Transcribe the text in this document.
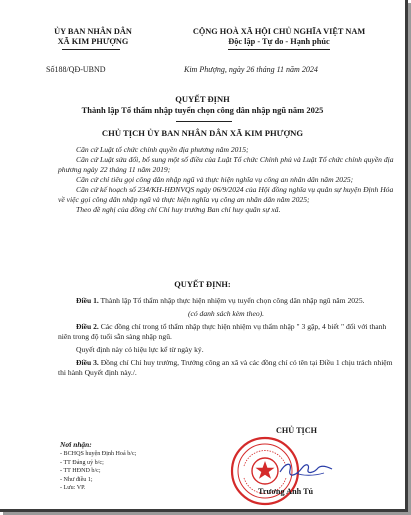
ỦY BAN NHÂN DÂN
XÃ KIM PHƯỢNG
CỘNG HOÀ XÃ HỘI CHỦ NGHĨA VIỆT NAM
Độc lập - Tự do - Hạnh phúc
Số188/QĐ-UBND	Kim Phượng, ngày 26 tháng 11 năm 2024
QUYẾT ĐỊNH
Thành lập Tổ thẩm nhập tuyển chọn công dân nhập ngũ năm 2025
CHỦ TỊCH ỦY BAN NHÂN DÂN XÃ KIM PHƯỢNG

Căn cứ Luật tổ chức chính quyền địa phương năm 2015;

Căn cứ Luật sửa đổi, bổ sung một số điều của Luật Tổ chức Chính phủ và Luật Tổ chức chính quyền địa phương ngày 22 tháng 11 năm 2019;

Căn cứ chỉ tiêu gọi công dân nhập ngũ và thực hiện nghĩa vụ công an nhân dân năm 2025;

Căn cứ kế hoạch số 234/KH-HĐNVQS ngày 06/9/2024 của Hội đồng nghĩa vụ quân sự huyện Định Hóa về việc gọi công dân nhập ngũ và thực hiện nghĩa vụ công an nhân dân năm 2025;

Theo đề nghị của đồng chí Chỉ huy trưởng Ban chỉ huy quân sự xã.

QUYẾT ĐỊNH:

Điều 1. Thành lập Tổ thẩm nhập thực hiện nhiệm vụ tuyển chọn công dân nhập ngũ năm 2025.

(có danh sách kèm theo).

Điều 2. Các đồng chí trong tổ thẩm nhập thực hiện nhiệm vụ thẩm nhập " 3 gặp, 4 biết " đối với thanh niên trong độ tuổi sẵn sàng nhập ngũ.

Quyết định này có hiệu lực kể từ ngày ký.

Điều 3. Đồng chí Chỉ huy trưởng, Trưởng công an xã và các đồng chí có tên tại Điều 1 chịu trách nhiệm thi hành Quyết định này./.

Nơi nhận:
- BCHQS huyện Định Hoá b/c;
- TT Đảng uỷ b/c;
- TT HĐND b/c;
- Như điều 1;
- Lưu: VP.
CHỦ TỊCH
Trương Anh Tú
